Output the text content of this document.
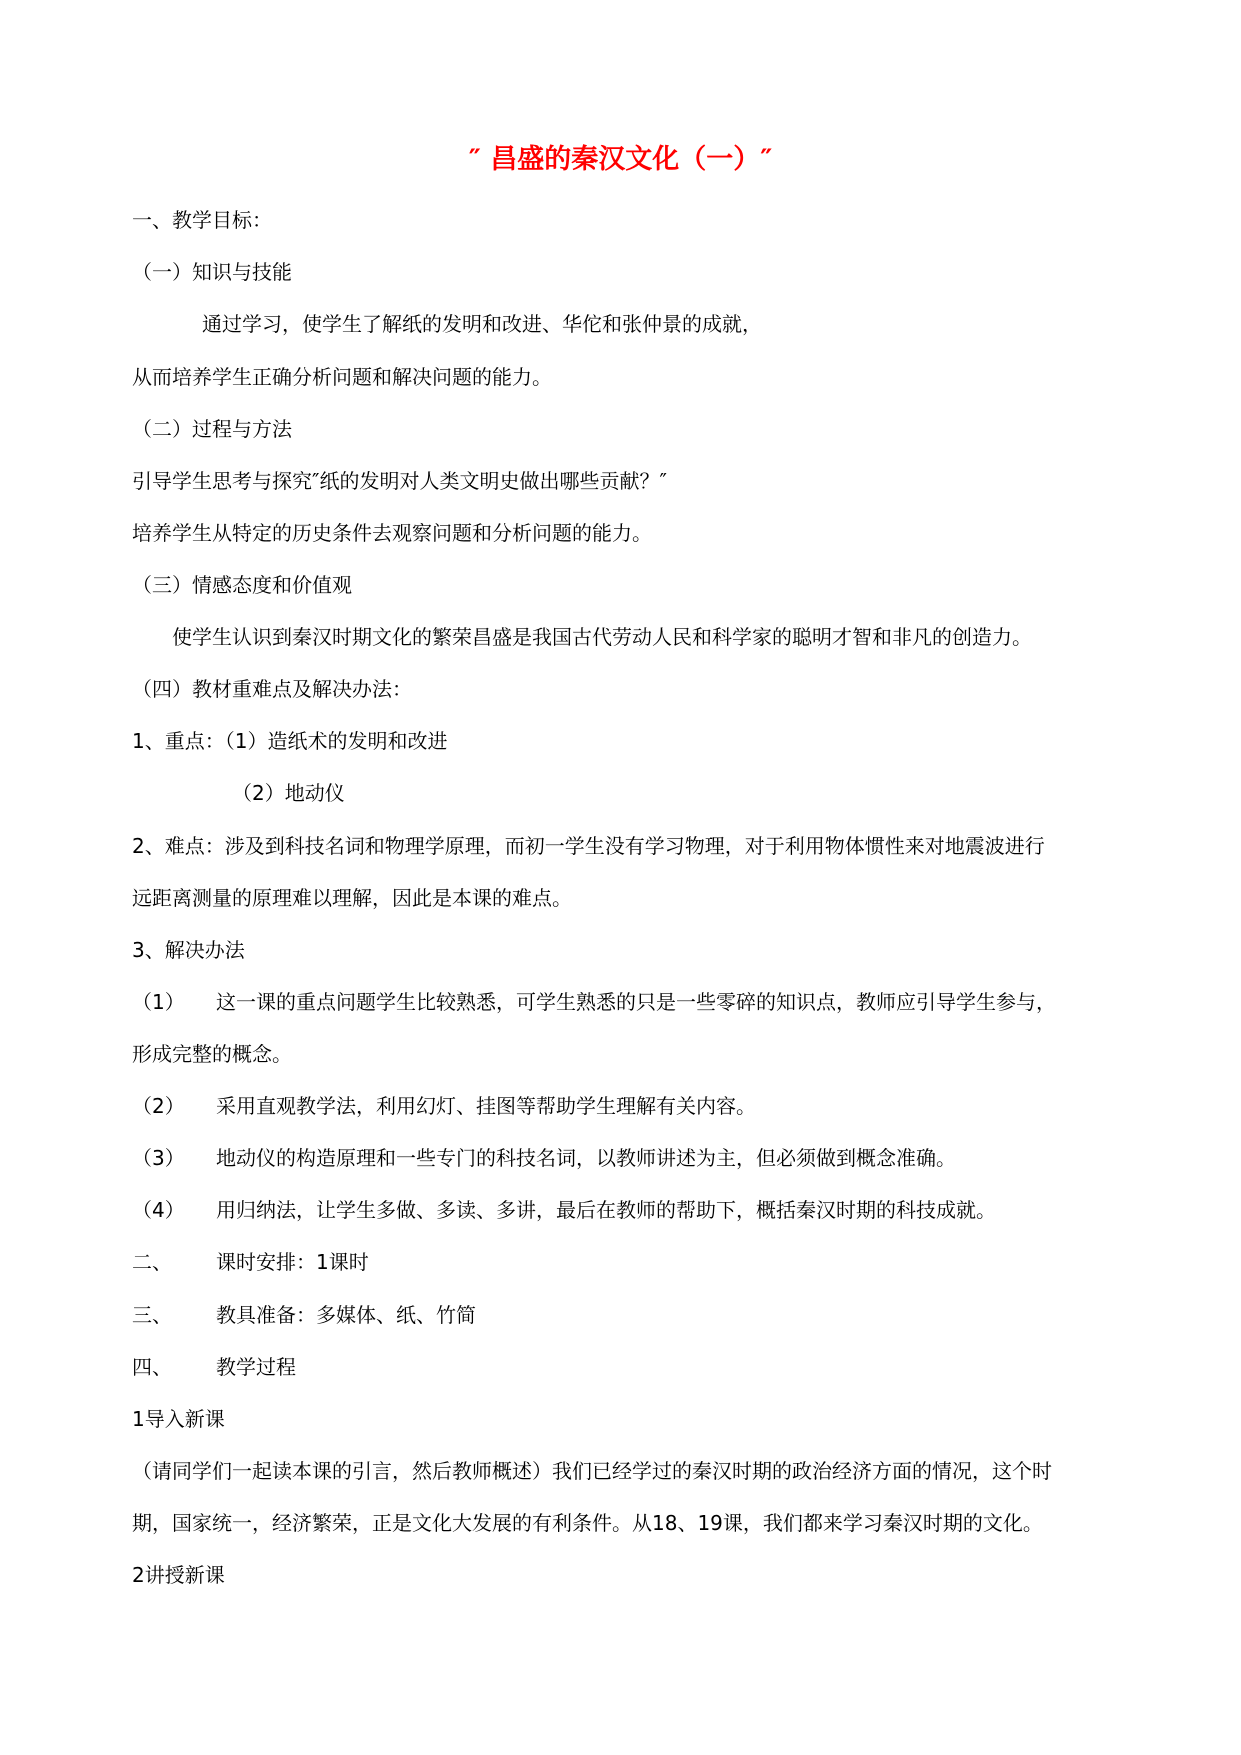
″ 昌盛的秦汉文化（一）″
一、教学目标：
（一）知识与技能
通过学习，使学生了解纸的发明和改进、华佗和张仲景的成就，
从而培养学生正确分析问题和解决问题的能力。
（二）过程与方法
引导学生思考与探究″纸的发明对人类文明史做出哪些贡献？″
培养学生从特定的历史条件去观察问题和分析问题的能力。
（三）情感态度和价值观
使学生认识到秦汉时期文化的繁荣昌盛是我国古代劳动人民和科学家的聪明才智和非凡的创造力。
（四）教材重难点及解决办法：
1、重点：（1）造纸术的发明和改进
（2）地动仪
2、难点：涉及到科技名词和物理学原理，而初一学生没有学习物理，对于利用物体惯性来对地震波进行
远距离测量的原理难以理解，因此是本课的难点。
3、解决办法
（1） 这一课的重点问题学生比较熟悉，可学生熟悉的只是一些零碎的知识点，教师应引导学生参与，
形成完整的概念。
（2） 采用直观教学法，利用幻灯、挂图等帮助学生理解有关内容。
（3） 地动仪的构造原理和一些专门的科技名词，以教师讲述为主，但必须做到概念准确。
（4） 用归纳法，让学生多做、多读、多讲，最后在教师的帮助下，概括秦汉时期的科技成就。
二、 课时安排：1课时
三、 教具准备：多媒体、纸、竹简
四、 教学过程
1导入新课
（请同学们一起读本课的引言，然后教师概述）我们已经学过的秦汉时期的政治经济方面的情况，这个时
期，国家统一，经济繁荣，正是文化大发展的有利条件。从18、19课，我们都来学习秦汉时期的文化。
2讲授新课
